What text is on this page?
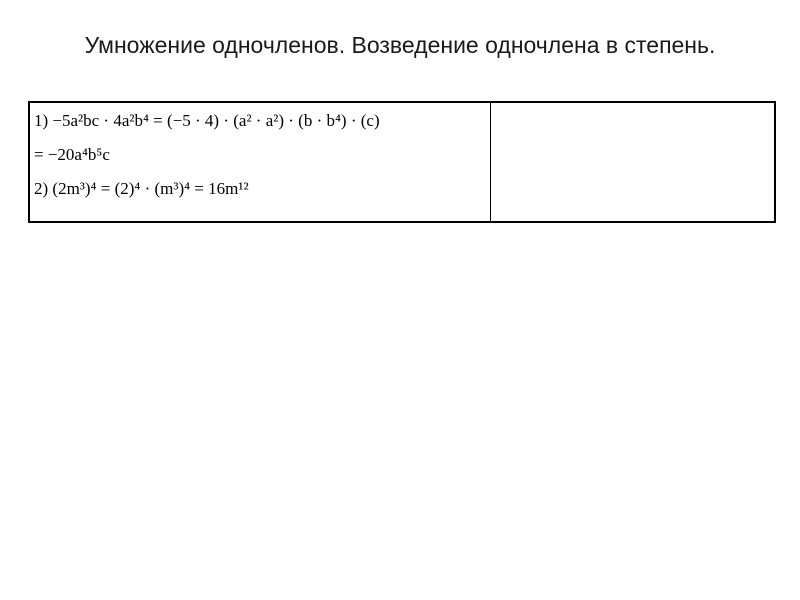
Умножение одночленов. Возведение одночлена в степень.
1) −5a²bc · 4a²b⁴ = (−5 · 4) · (a² · a²) · (b · b⁴) · (c)
= −20a⁴b⁵c
2) (2m³)⁴ = (2)⁴ · (m³)⁴ = 16m¹²
